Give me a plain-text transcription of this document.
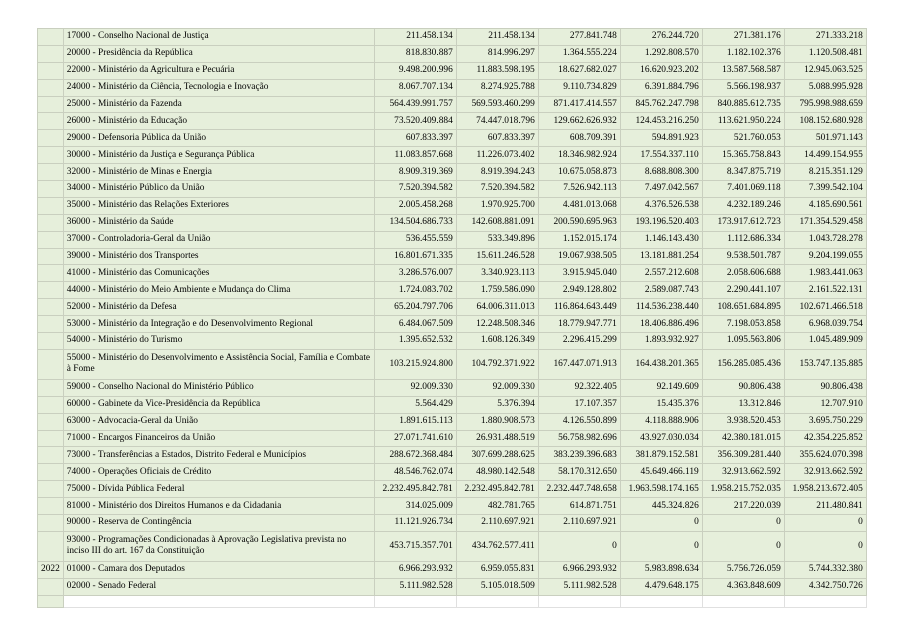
	17000 - Conselho Nacional de Justiça	211.458.134	211.458.134	277.841.748	276.244.720	271.381.176	271.333.218
	20000 - Presidência da República	818.830.887	814.996.297	1.364.555.224	1.292.808.570	1.182.102.376	1.120.508.481
	22000 - Ministério da Agricultura e Pecuária	9.498.200.996	11.883.598.195	18.627.682.027	16.620.923.202	13.587.568.587	12.945.063.525
	24000 - Ministério da Ciência, Tecnologia e Inovação	8.067.707.134	8.274.925.788	9.110.734.829	6.391.884.796	5.566.198.937	5.088.995.928
	25000 - Ministério da Fazenda	564.439.991.757	569.593.460.299	871.417.414.557	845.762.247.798	840.885.612.735	795.998.988.659
	26000 - Ministério da Educação	73.520.409.884	74.447.018.796	129.662.626.932	124.453.216.250	113.621.950.224	108.152.680.928
	29000 - Defensoria Pública da União	607.833.397	607.833.397	608.709.391	594.891.923	521.760.053	501.971.143
	30000 - Ministério da Justiça e Segurança Pública	11.083.857.668	11.226.073.402	18.346.982.924	17.554.337.110	15.365.758.843	14.499.154.955
	32000 - Ministério de Minas e Energia	8.909.319.369	8.919.394.243	10.675.058.873	8.688.808.300	8.347.875.719	8.215.351.129
	34000 - Ministério Público da União	7.520.394.582	7.520.394.582	7.526.942.113	7.497.042.567	7.401.069.118	7.399.542.104
	35000 - Ministério das Relações Exteriores	2.005.458.268	1.970.925.700	4.481.013.068	4.376.526.538	4.232.189.246	4.185.690.561
	36000 - Ministério da Saúde	134.504.686.733	142.608.881.091	200.590.695.963	193.196.520.403	173.917.612.723	171.354.529.458
	37000 - Controladoria-Geral da União	536.455.559	533.349.896	1.152.015.174	1.146.143.430	1.112.686.334	1.043.728.278
	39000 - Ministério dos Transportes	16.801.671.335	15.611.246.528	19.067.938.505	13.181.881.254	9.538.501.787	9.204.199.055
	41000 - Ministério das Comunicações	3.286.576.007	3.340.923.113	3.915.945.040	2.557.212.608	2.058.606.688	1.983.441.063
	44000 - Ministério do Meio Ambiente e Mudança do Clima	1.724.083.702	1.759.586.090	2.949.128.802	2.589.087.743	2.290.441.107	2.161.522.131
	52000 - Ministério da Defesa	65.204.797.706	64.006.311.013	116.864.643.449	114.536.238.440	108.651.684.895	102.671.466.518
	53000 - Ministério da Integração e do Desenvolvimento Regional	6.484.067.509	12.248.508.346	18.779.947.771	18.406.886.496	7.198.053.858	6.968.039.754
	54000 - Ministério do Turismo	1.395.652.532	1.608.126.349	2.296.415.299	1.893.932.927	1.095.563.806	1.045.489.909
	55000 - Ministério do Desenvolvimento e Assistência Social, Família e Combate à Fome	103.215.924.800	104.792.371.922	167.447.071.913	164.438.201.365	156.285.085.436	153.747.135.885
	59000 - Conselho Nacional do Ministério Público	92.009.330	92.009.330	92.322.405	92.149.609	90.806.438	90.806.438
	60000 - Gabinete da Vice-Presidência da República	5.564.429	5.376.394	17.107.357	15.435.376	13.312.846	12.707.910
	63000 - Advocacia-Geral da União	1.891.615.113	1.880.908.573	4.126.550.899	4.118.888.906	3.938.520.453	3.695.750.229
	71000 - Encargos Financeiros da União	27.071.741.610	26.931.488.519	56.758.982.696	43.927.030.034	42.380.181.015	42.354.225.852
	73000 - Transferências a Estados, Distrito Federal e Municípios	288.672.368.484	307.699.288.625	383.239.396.683	381.879.152.581	356.309.281.440	355.624.070.398
	74000 - Operações Oficiais de Crédito	48.546.762.074	48.980.142.548	58.170.312.650	45.649.466.119	32.913.662.592	32.913.662.592
	75000 - Dívida Pública Federal	2.232.495.842.781	2.232.495.842.781	2.232.447.748.658	1.963.598.174.165	1.958.215.752.035	1.958.213.672.405
	81000 - Ministério dos Direitos Humanos e da Cidadania	314.025.009	482.781.765	614.871.751	445.324.826	217.220.039	211.480.841
	90000 - Reserva de Contingência	11.121.926.734	2.110.697.921	2.110.697.921	0	0	0
	93000 - Programações Condicionadas à Aprovação Legislativa prevista no inciso III do art. 167 da Constituição	453.715.357.701	434.762.577.411	0	0	0	0
2022	01000 - Camara dos Deputados	6.966.293.932	6.959.055.831	6.966.293.932	5.983.898.634	5.756.726.059	5.744.332.380
	02000 - Senado Federal	5.111.982.528	5.105.018.509	5.111.982.528	4.479.648.175	4.363.848.609	4.342.750.726
